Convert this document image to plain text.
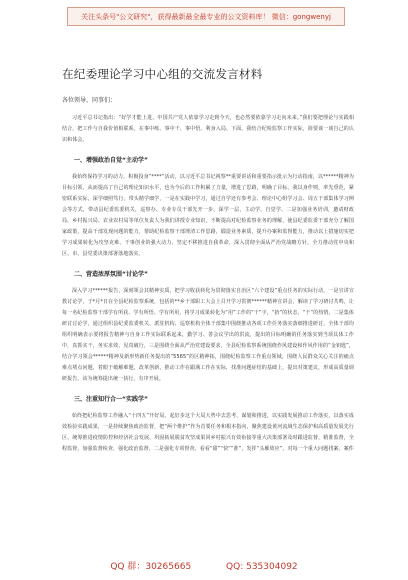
关注头条号"公文研究"，获得最新最全最专业的公文资料库！ 微信：gongwenyj
在纪委理论学习中心组的交流发言材料
各位领导、同事们：

习近平总书记指出：“好学才能上进，中国共产党人依靠学习走到今天，也必然要依靠学习走向未来。”我们要把理论与实践相结合，把工作与自我价值相联系，在事中练、事中干、事中悟、利身入局、下面，我结合纪检监察工作实际，简要谈一谈自己的认识和体会。

一、增强政治自觉“主动学”

我始终保持学习的动力，积极投身“****”活动，以习近平总书记视察**重要讲话和重要指示批示为行动指南，以******精神为目标引领，从而提高了自己的理论知识水平，也为今后的工作积累了力量，增进了思路，明确了目标。我以身作则，率先垂范，紧密联系实际，深学细照笃行，带头精学细学，一是在实践中学习，通过自学还有参考会、理论中心组学习会、周五干部集体学习例会等方式，带动县纪委监委机关，巡察办、专业专员干部先开一步、深学一层，主动学、自觉学、二是加强业务培训，邀请财政局、乡村振兴局、农业农村局等单位负责人为我们讲授专业知识，不断提高对纪检监察业务的理解，使县纪委监委干部充分了解国家政策，提高干部发现问题的能力，帮助纪检监察干部理清工作思路，锻造业务素质，提升办案和监督能力，推动以上措施切实把学习成果转化为攻坚克难、干事创业的强大动力，坚定不移推进自我革命，深入贯彻全面从严治党战略方针，全力推动党中央和区、市、县党委决策部署落地落实。

二、营造浓厚氛围“讨论学”

深入学习******报告，深刻领会其精神实质，把学习收获转化为贯彻落实自治区“六个建设”重点任务的实际行动，一是宣讲宣教讨论学，于*月*日在全县纪检监察系统，包括的**乡干部职工大会上召开学习贯彻******精神宣讲会，解读了学习研讨共鸣，让每一名纪检监察干部学有所获、学有所悟、学有所用，将学习成果转化为“用”工作的“干”字，“抬”的状态，“干”的热情，二是集体研讨讨论学，通过组织县纪委监委机关、派驻机构、巡察机构全体干部集中围绕推动各项工作任务落实落细推进研讨，全体干部均组织明确表示要将报告精神与自身工作实际联系起来，勤学习、善会议学出的洪流，提出的目标明确的任务落实到当项具体工作中，真抓实干，务实求效，见真破行，三是围绕全面从严治党建设要求，全县纪检监察系统围绕作风建设和作风作用的“金钥匙”，结合学习领会******精神及新形势新任务提出的“5565”的区精神拓，围绕纪检监察工作重点领域，围绕人民群众关心关注的痛点难点堵点问题，着眼于破解难题，改革创新，推动工作在跟满工作在实际，找准问题症结的基础上，提出对策建议，形成高质量调研报告，该为统筹提出统一执行，有序开展。

三、注重知行合一“实践学”

始终把纪检监察工作融入“十四五”开好局、起好步这个大局大势中去思考、谋划和推进，以实践发展推动工作落实，以落实成效检验实践成果，一是持续聚焦政治监督，把“两个维护”作为首要任务和根本指向，聚焦建设黄河流域生态保护和高质量发展先行区、统筹推进疫情防控和经济社会发展、巩固拓展脱贫攻坚成果同乡村振兴有效衔接等重大决策部署及时跟进监督，精准监督，全程监督，加强监督检查，强化政治监督，二是强化专项督查、看看“甜”“快”“准”，发挥“头雁效应”，对每一个重大问题找案、案件

QQ 群：30265665	QQ: 535304092
